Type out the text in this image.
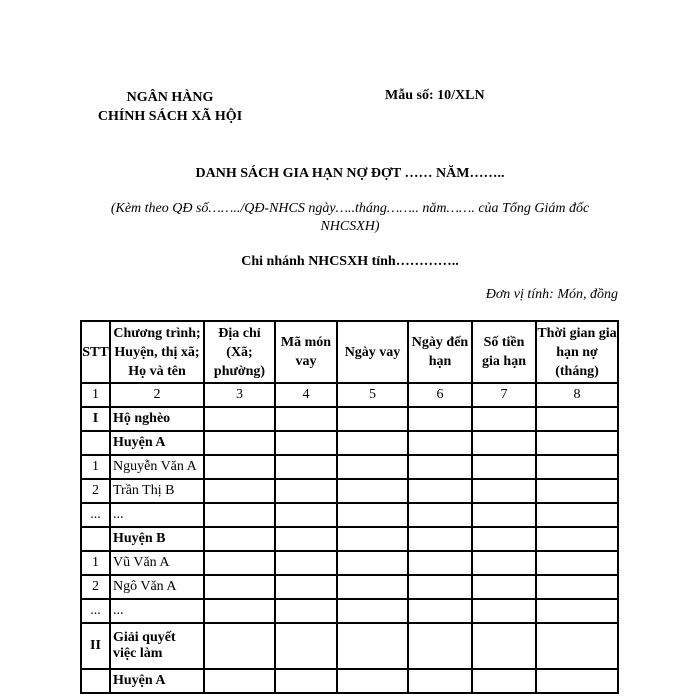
NGÂN HÀNG
CHÍNH SÁCH XÃ HỘI
Mẫu số: 10/XLN
DANH SÁCH GIA HẠN NỢ ĐỢT …… NĂM……..
(Kèm theo QĐ số……../QĐ-NHCS ngày…..tháng…….. năm……. của Tổng Giám đốc NHCSXH)
Chi nhánh NHCSXH tỉnh…………..
Đơn vị tính: Món, đồng
STT	Chương trình; Huyện, thị xã; Họ và tên	Địa chỉ (Xã; phường)	Mã món vay	Ngày vay	Ngày đến hạn	Số tiền gia hạn	Thời gian gia hạn nợ (tháng)
1	2	3	4	5	6	7	8
I	Hộ nghèo						
	Huyện A						
1	Nguyễn Văn A						
2	Trần Thị B						
...	...						
	Huyện B						
1	Vũ Văn A						
2	Ngô Văn A						
...	...						
II	Giải quyết việc làm						
	Huyện A						
